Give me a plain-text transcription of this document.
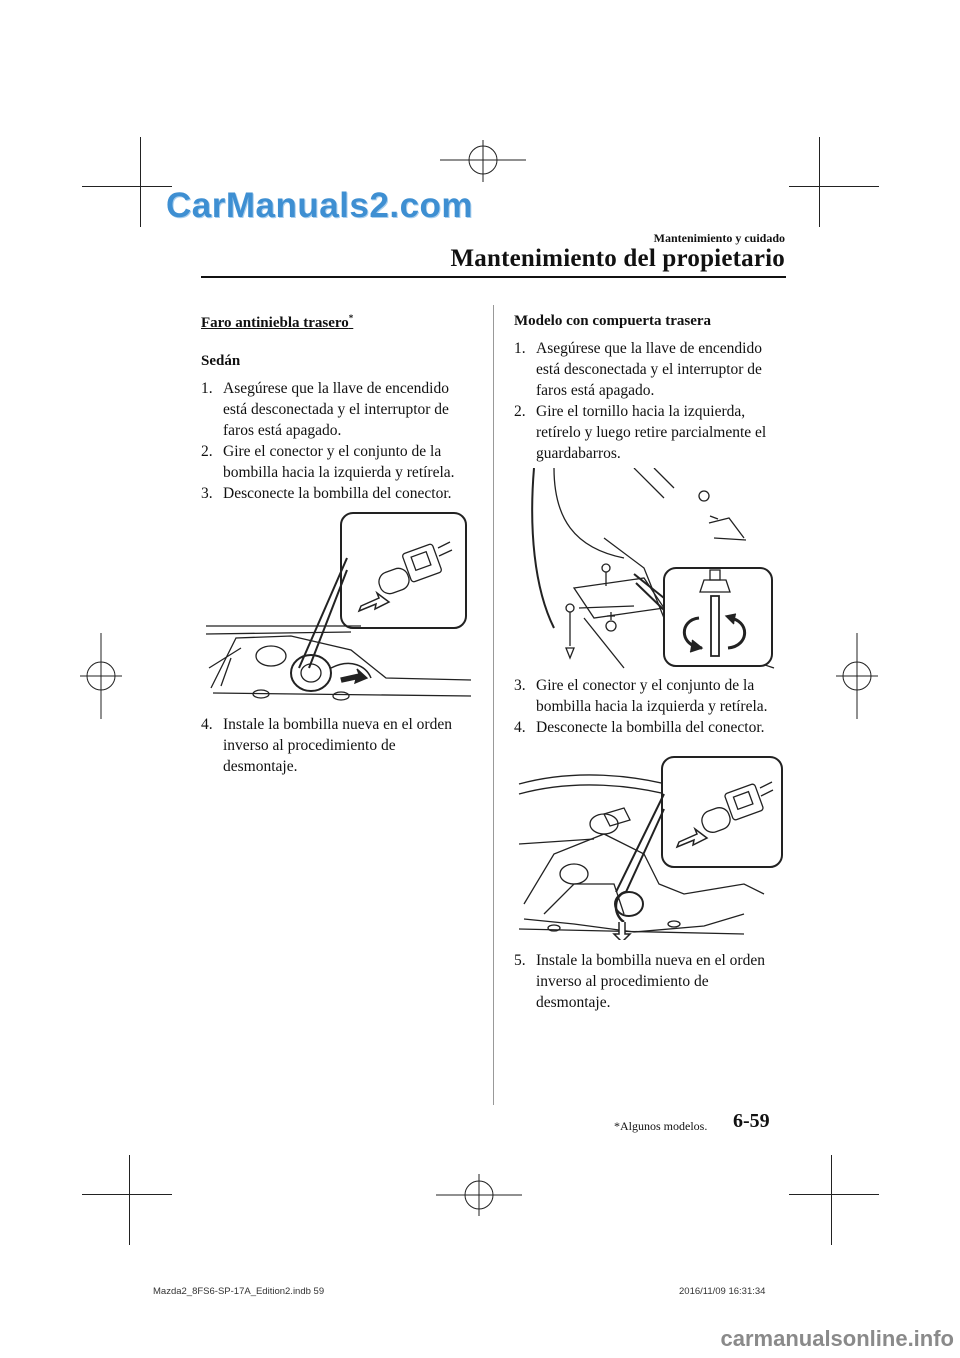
CarManuals2.com
Mantenimiento y cuidado
Mantenimiento del propietario
Faro antiniebla trasero*
Sedán
1. Asegúrese que la llave de encendido está desconectada y el interruptor de faros está apagado.
2. Gire el conector y el conjunto de la bombilla hacia la izquierda y retírela.
3. Desconecte la bombilla del conector.
4. Instale la bombilla nueva en el orden inverso al procedimiento de desmontaje.
Modelo con compuerta trasera
1. Asegúrese que la llave de encendido está desconectada y el interruptor de faros está apagado.
2. Gire el tornillo hacia la izquierda, retírelo y luego retire parcialmente el guardabarros.
3. Gire el conector y el conjunto de la bombilla hacia la izquierda y retírela.
4. Desconecte la bombilla del conector.
5. Instale la bombilla nueva en el orden inverso al procedimiento de desmontaje.
*Algunos modelos. 6-59
Mazda2_8FS6-SP-17A_Edition2.indb 59	2016/11/09 16:31:34
carmanualsonline.info
